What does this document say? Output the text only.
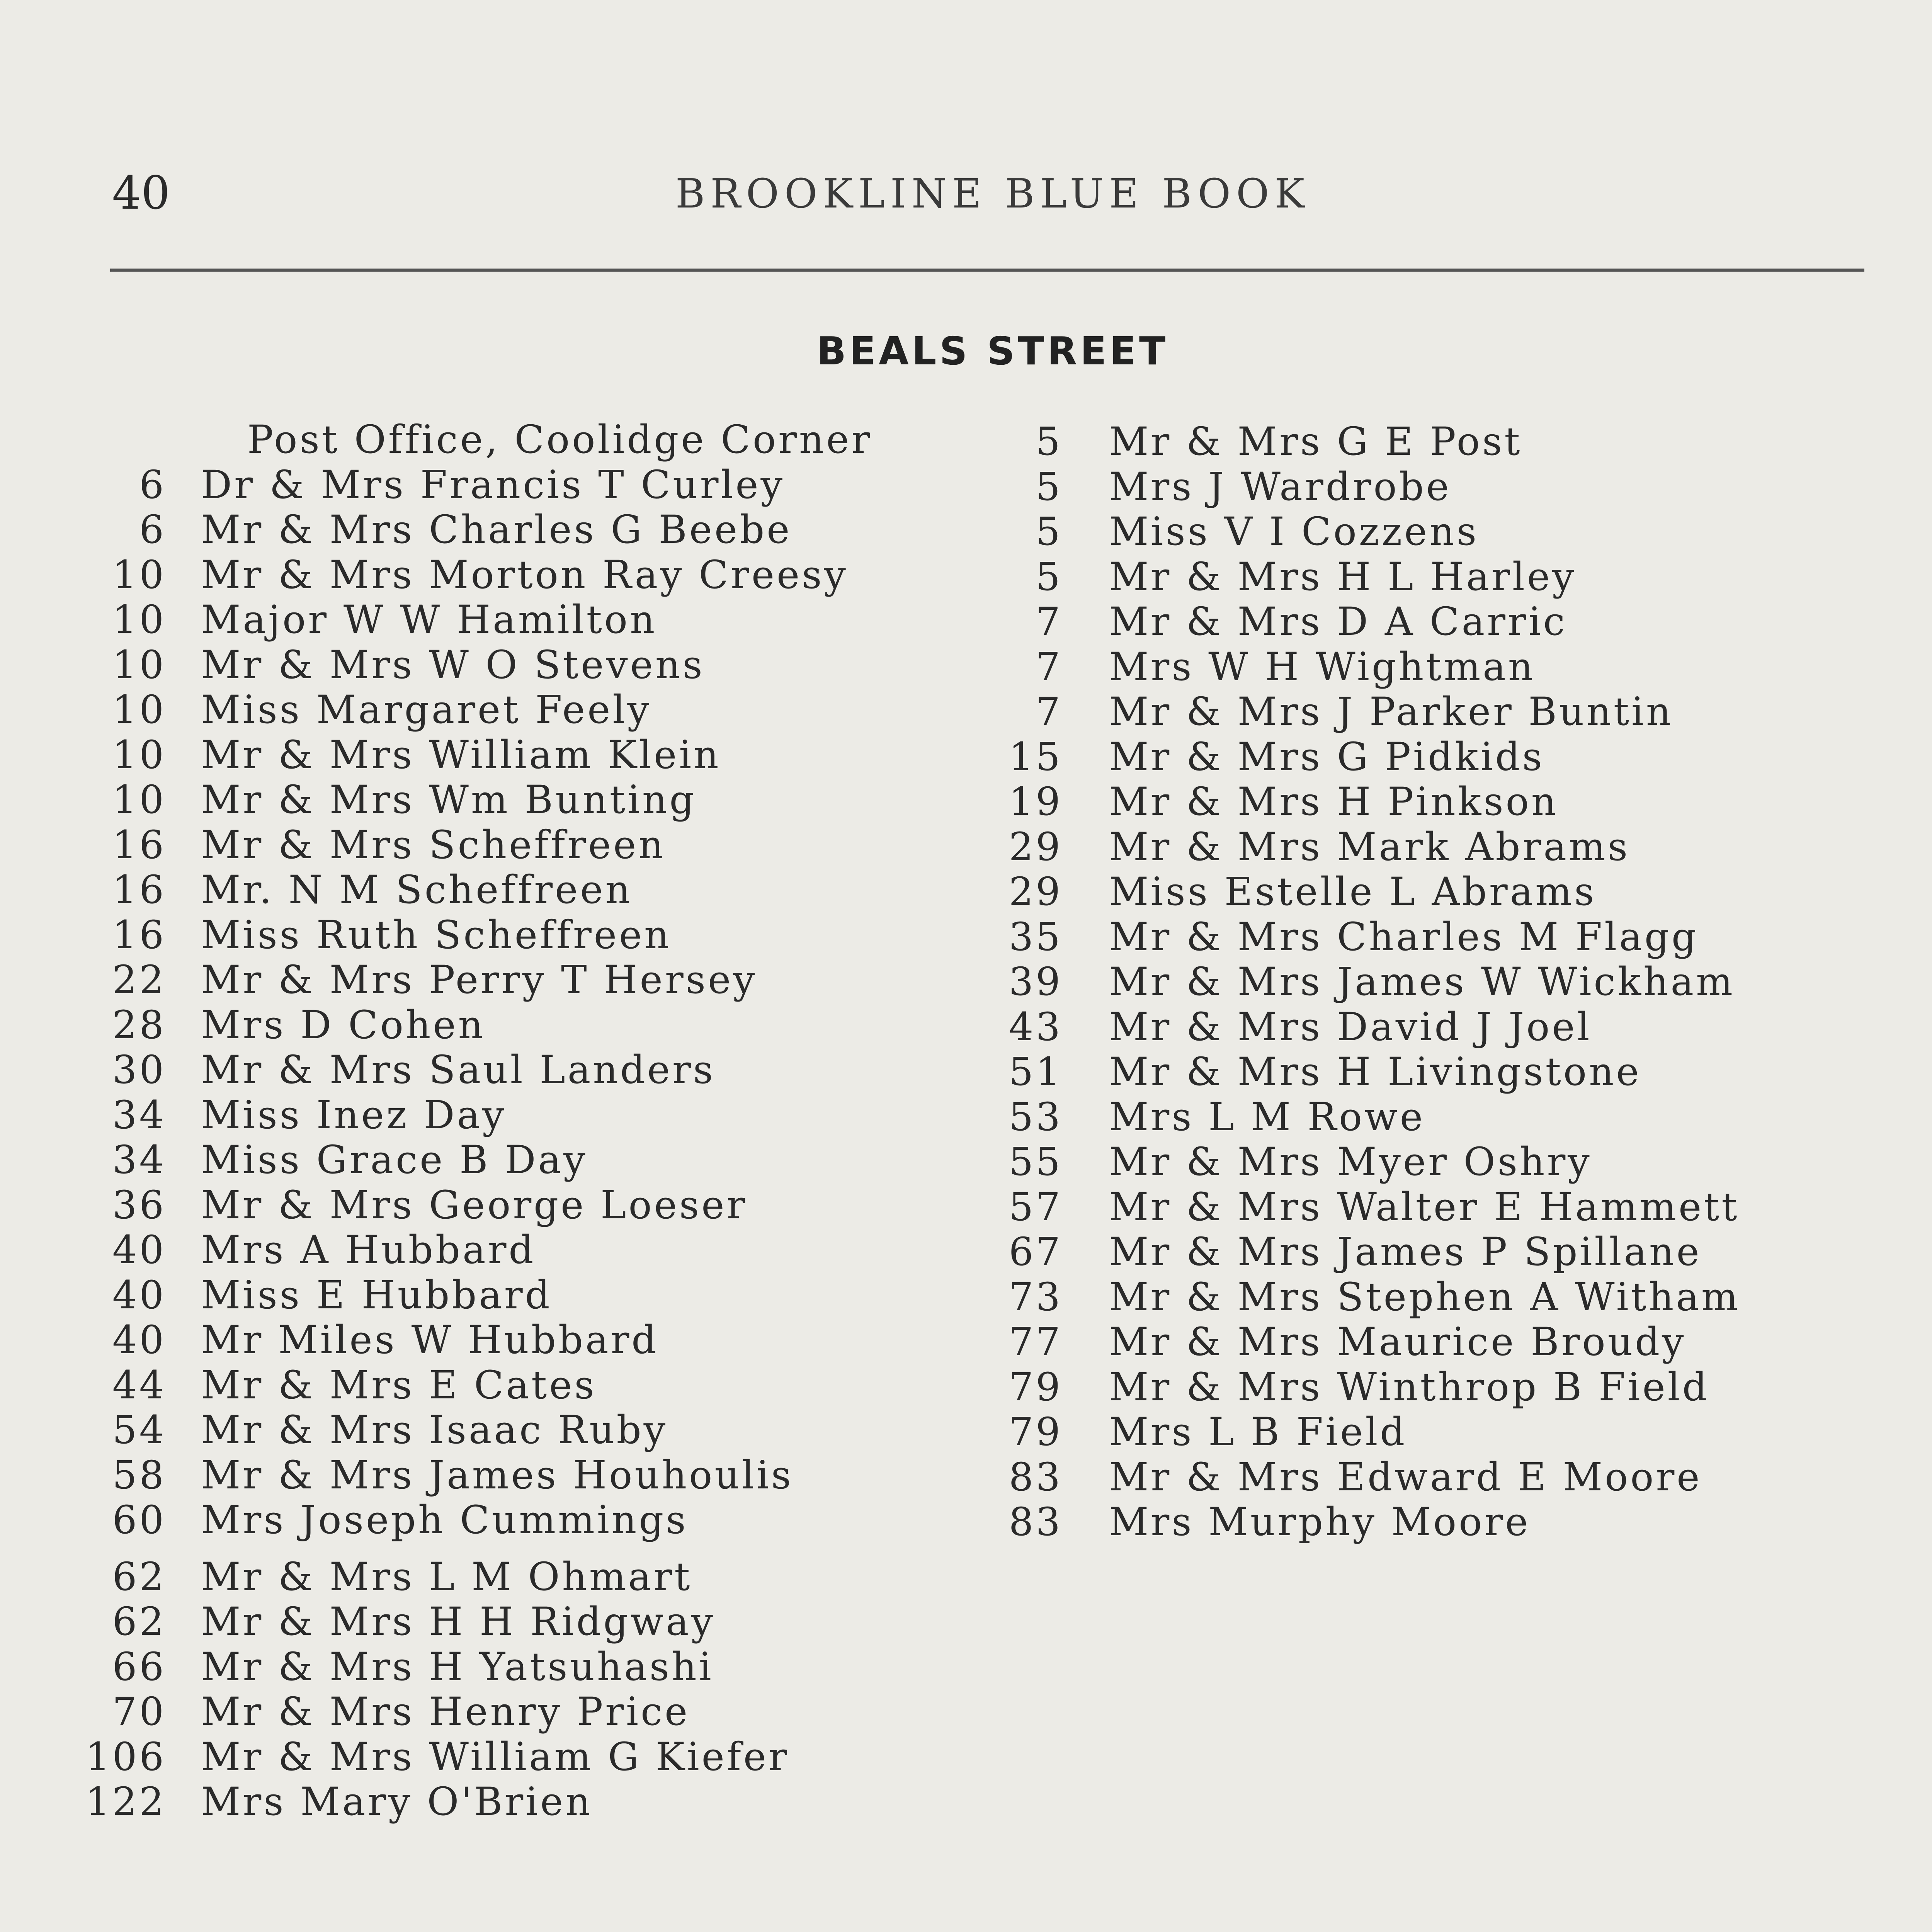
40	BROOKLINE BLUE BOOK
BEALS STREET
Post Office, Coolidge Corner
6 Dr & Mrs Francis T Curley
6 Mr & Mrs Charles G Beebe
10 Mr & Mrs Morton Ray Creesy
10 Major W W Hamilton
10 Mr & Mrs W O Stevens
10 Miss Margaret Feely
10 Mr & Mrs William Klein
10 Mr & Mrs Wm Bunting
16 Mr & Mrs Scheffreen
16 Mr. N M Scheffreen
16 Miss Ruth Scheffreen
22 Mr & Mrs Perry T Hersey
28 Mrs D Cohen
30 Mr & Mrs Saul Landers
34 Miss Inez Day
34 Miss Grace B Day
36 Mr & Mrs George Loeser
40 Mrs A Hubbard
40 Miss E Hubbard
40 Mr Miles W Hubbard
44 Mr & Mrs E Cates
54 Mr & Mrs Isaac Ruby
58 Mr & Mrs James Houhoulis
60 Mrs Joseph Cummings
62 Mr & Mrs L M Ohmart
62 Mr & Mrs H H Ridgway
66 Mr & Mrs H Yatsuhashi
70 Mr & Mrs Henry Price
106 Mr & Mrs William G Kiefer
122 Mrs Mary O'Brien
5 Mr & Mrs G E Post
5 Mrs J Wardrobe
5 Miss V I Cozzens
5 Mr & Mrs H L Harley
7 Mr & Mrs D A Carric
7 Mrs W H Wightman
7 Mr & Mrs J Parker Buntin
15 Mr & Mrs G Pidkids
19 Mr & Mrs H Pinkson
29 Mr & Mrs Mark Abrams
29 Miss Estelle L Abrams
35 Mr & Mrs Charles M Flagg
39 Mr & Mrs James W Wickham
43 Mr & Mrs David J Joel
51 Mr & Mrs H Livingstone
53 Mrs L M Rowe
55 Mr & Mrs Myer Oshry
57 Mr & Mrs Walter E Hammett
67 Mr & Mrs James P Spillane
73 Mr & Mrs Stephen A Witham
77 Mr & Mrs Maurice Broudy
79 Mr & Mrs Winthrop B Field
79 Mrs L B Field
83 Mr & Mrs Edward E Moore
83 Mrs Murphy Moore
